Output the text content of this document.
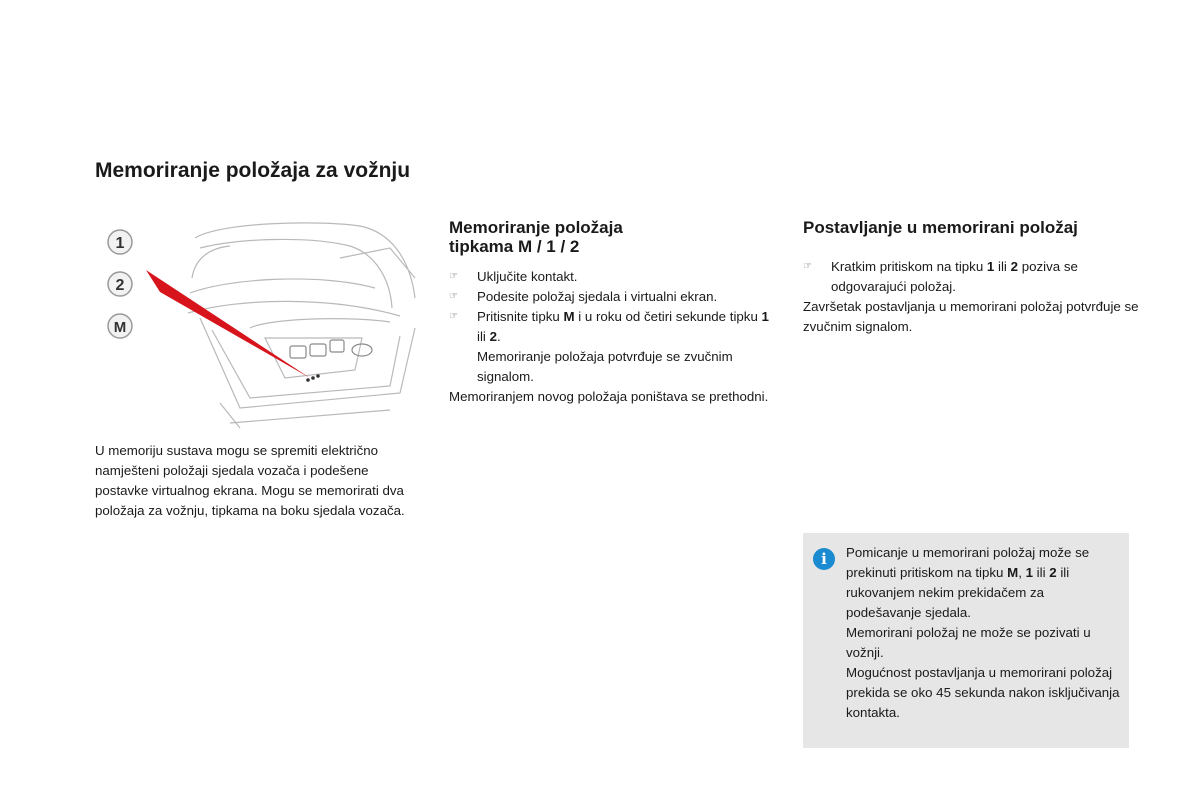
Memoriranje položaja za vožnju
1
2
M

U memoriju sustava mogu se spremiti električno namješteni položaji sjedala vozača i podešene postavke virtualnog ekrana. Mogu se memorirati dva položaja za vožnju, tipkama na boku sjedala vozača.

Memoriranje položaja
tipkama M / 1 / 2
☞ Uključite kontakt.
☞ Podesite položaj sjedala i virtualni ekran.
☞ Pritisnite tipku M i u roku od četiri sekunde tipku 1 ili 2.
Memoriranje položaja potvrđuje se zvučnim signalom.

Memoriranjem novog položaja poništava se prethodni.

Postavljanje u memorirani položaj
☞ Kratkim pritiskom na tipku 1 ili 2 poziva se odgovarajući položaj.

Završetak postavljanja u memorirani položaj potvrđuje se zvučnim signalom.

i	Pomicanje u memorirani položaj može se prekinuti pritiskom na tipku M, 1 ili 2 ili rukovanjem nekim prekidačem za podešavanje sjedala.

Memorirani položaj ne može se pozivati u vožnji.

Mogućnost postavljanja u memorirani položaj prekida se oko 45 sekunda nakon isključivanja kontakta.
